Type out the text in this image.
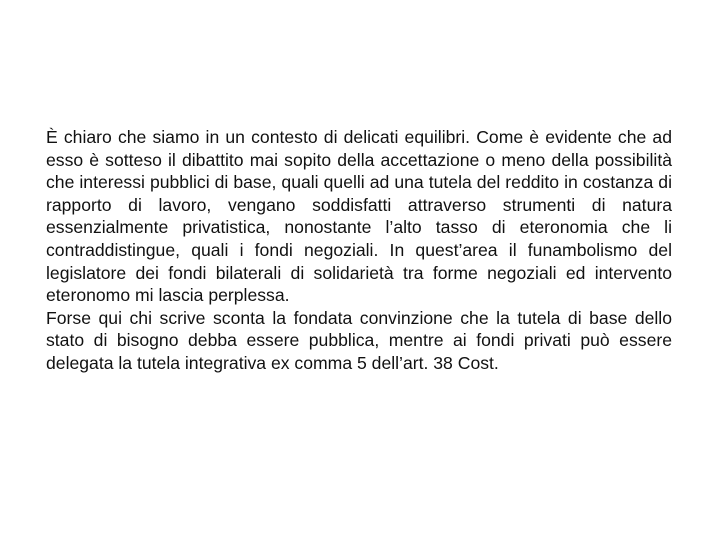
È chiaro che siamo in un contesto di delicati equilibri. Come è evidente che ad esso è sotteso il dibattito mai sopito della accettazione o meno della possibilità che interessi pubblici di base, quali quelli ad una tutela del reddito in costanza di rapporto di lavoro, vengano soddisfatti attraverso strumenti di natura essenzialmente privatistica, nonostante l’alto tasso di eteronomia che li contraddistingue, quali i fondi negoziali. In quest’area il funambolismo del legislatore dei fondi bilaterali di solidarietà tra forme negoziali ed intervento eteronomo mi lascia perplessa.

Forse qui chi scrive sconta la fondata convinzione che la tutela di base dello stato di bisogno debba essere pubblica, mentre ai fondi privati può essere delegata la tutela integrativa ex comma 5 dell’art. 38 Cost.
